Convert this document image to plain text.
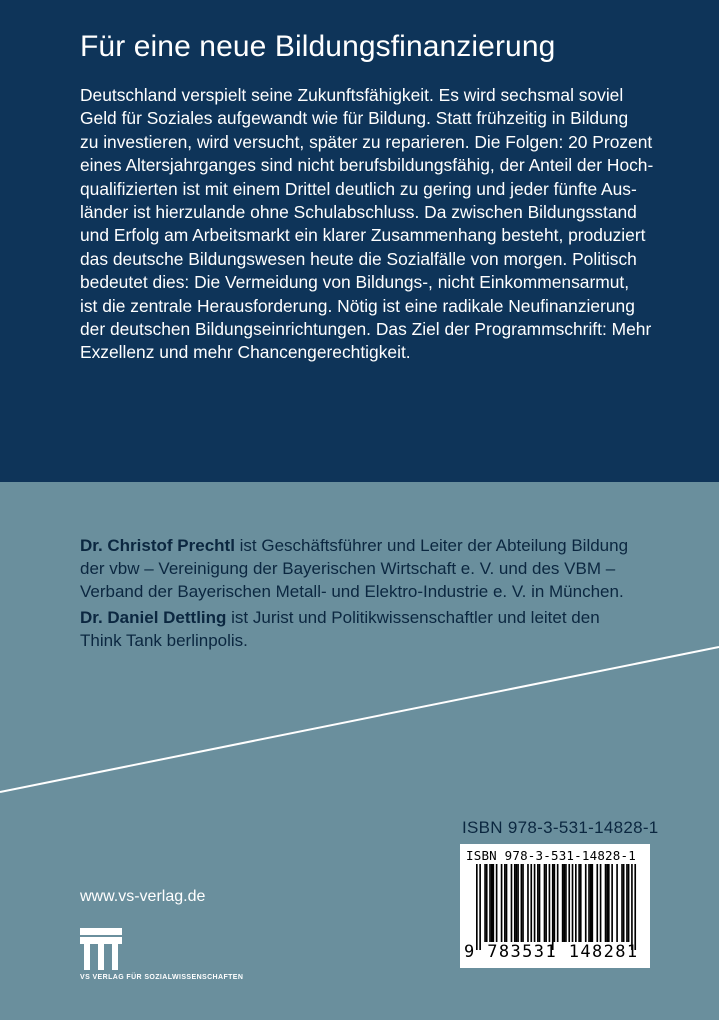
Für eine neue Bildungsfinanzierung
Deutschland verspielt seine Zukunftsfähigkeit. Es wird sechsmal soviel
Geld für Soziales aufgewandt wie für Bildung. Statt frühzeitig in Bildung
zu investieren, wird versucht, später zu reparieren. Die Folgen: 20 Prozent
eines Altersjahrganges sind nicht berufsbildungsfähig, der Anteil der Hoch-
qualifizierten ist mit einem Drittel deutlich zu gering und jeder fünfte Aus-
länder ist hierzulande ohne Schulabschluss. Da zwischen Bildungsstand
und Erfolg am Arbeitsmarkt ein klarer Zusammenhang besteht, produziert
das deutsche Bildungswesen heute die Sozialfälle von morgen. Politisch
bedeutet dies: Die Vermeidung von Bildungs-, nicht Einkommensarmut,
ist die zentrale Herausforderung. Nötig ist eine radikale Neufinanzierung
der deutschen Bildungseinrichtungen. Das Ziel der Programmschrift: Mehr
Exzellenz und mehr Chancengerechtigkeit.
Dr. Christof Prechtl ist Geschäftsführer und Leiter der Abteilung Bildung
der vbw – Vereinigung der Bayerischen Wirtschaft e. V. und des VBM –
Verband der Bayerischen Metall- und Elektro-Industrie e. V. in München.
Dr. Daniel Dettling ist Jurist und Politikwissenschaftler und leitet den
Think Tank berlinpolis.
ISBN 978-3-531-14828-1

ISBN 978-3-531-14828-1

9 783531 148281
www.vs-verlag.de
VS VERLAG FÜR SOZIALWISSENSCHAFTEN
